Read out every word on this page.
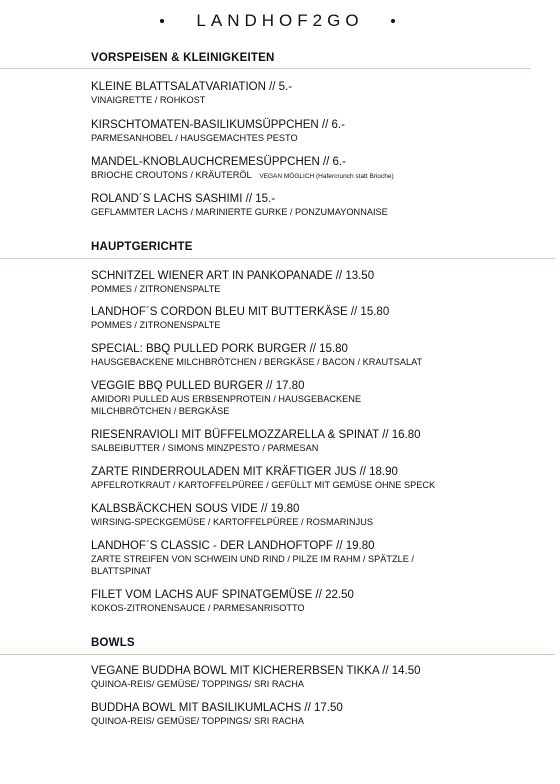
LANDHOF2GO
VORSPEISEN & KLEINIGKEITEN
KLEINE BLATTSALATVARIATION // 5.-
VINAIGRETTE / ROHKOST
KIRSCHTOMATEN-BASILIKUMSÜPPCHEN // 6.-
PARMESANHOBEL / HAUSGEMACHTES PESTO
MANDEL-KNOBLAUCHCREMESÜPPCHEN // 6.-
BRIOCHE CROUTONS / KRÄUTERÖL VEGAN MÖGLICH (Hafercrunch statt Brioche)
ROLAND´S LACHS SASHIMI // 15.-
GEFLAMMTER LACHS / MARINIERTE GURKE / PONZUMAYONNAISE
HAUPTGERICHTE
SCHNITZEL WIENER ART IN PANKOPANADE // 13.50
POMMES / ZITRONENSPALTE
LANDHOF´S CORDON BLEU MIT BUTTERKÄSE // 15.80
POMMES / ZITRONENSPALTE
SPECIAL: BBQ PULLED PORK BURGER // 15.80
HAUSGEBACKENE MILCHBRÖTCHEN / BERGKÄSE / BACON / KRAUTSALAT
VEGGIE BBQ PULLED BURGER // 17.80
AMIDORI PULLED AUS ERBSENPROTEIN / HAUSGEBACKENE
MILCHBRÖTCHEN / BERGKÄSE
RIESENRAVIOLI MIT BÜFFELMOZZARELLA & SPINAT // 16.80
SALBEIBUTTER / SIMONS MINZPESTO / PARMESAN
ZARTE RINDERROULADEN MIT KRÄFTIGER JUS // 18.90
APFELROTKRAUT / KARTOFFELPÜREE / GEFÜLLT MIT GEMÜSE OHNE SPECK
KALBSBÄCKCHEN SOUS VIDE // 19.80
WIRSING-SPECKGEMÜSE / KARTOFFELPÜREE / ROSMARINJUS
LANDHOF´S CLASSIC - DER LANDHOFTOPF // 19.80
ZARTE STREIFEN VON SCHWEIN UND RIND / PILZE IM RAHM / SPÄTZLE /
BLATTSPINAT
FILET VOM LACHS AUF SPINATGEMÜSE // 22.50
KOKOS-ZITRONENSAUCE / PARMESANRISOTTO
BOWLS
VEGANE BUDDHA BOWL MIT KICHERERBSEN TIKKA // 14.50
QUINOA-REIS/ GEMÜSE/ TOPPINGS/ SRI RACHA
BUDDHA BOWL MIT BASILIKUMLACHS // 17.50
QUINOA-REIS/ GEMÜSE/ TOPPINGS/ SRI RACHA
